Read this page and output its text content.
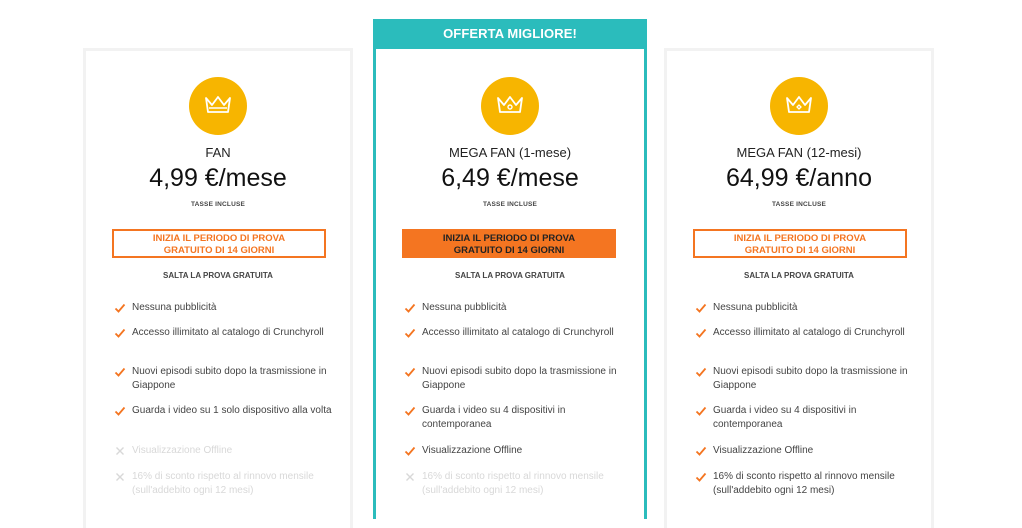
FAN
4,99 €/mese
TASSE INCLUSE
INIZIA IL PERIODO DI PROVA
GRATUITO DI 14 GIORNI
SALTA LA PROVA GRATUITA
Nessuna pubblicità
Accesso illimitato al catalogo di Crunchyroll
Nuovi episodi subito dopo la trasmissione in Giappone
Guarda i video su 1 solo dispositivo alla volta
Visualizzazione Offline
16% di sconto rispetto al rinnovo mensile (sull'addebito ogni 12 mesi)
OFFERTA MIGLIORE!
MEGA FAN (1-mese)
6,49 €/mese
TASSE INCLUSE
INIZIA IL PERIODO DI PROVA
GRATUITO DI 14 GIORNI
SALTA LA PROVA GRATUITA
Nessuna pubblicità
Accesso illimitato al catalogo di Crunchyroll
Nuovi episodi subito dopo la trasmissione in Giappone
Guarda i video su 4 dispositivi in contemporanea
Visualizzazione Offline
16% di sconto rispetto al rinnovo mensile (sull'addebito ogni 12 mesi)
MEGA FAN (12-mesi)
64,99 €/anno
TASSE INCLUSE
INIZIA IL PERIODO DI PROVA
GRATUITO DI 14 GIORNI
SALTA LA PROVA GRATUITA
Nessuna pubblicità
Accesso illimitato al catalogo di Crunchyroll
Nuovi episodi subito dopo la trasmissione in Giappone
Guarda i video su 4 dispositivi in contemporanea
Visualizzazione Offline
16% di sconto rispetto al rinnovo mensile (sull'addebito ogni 12 mesi)
